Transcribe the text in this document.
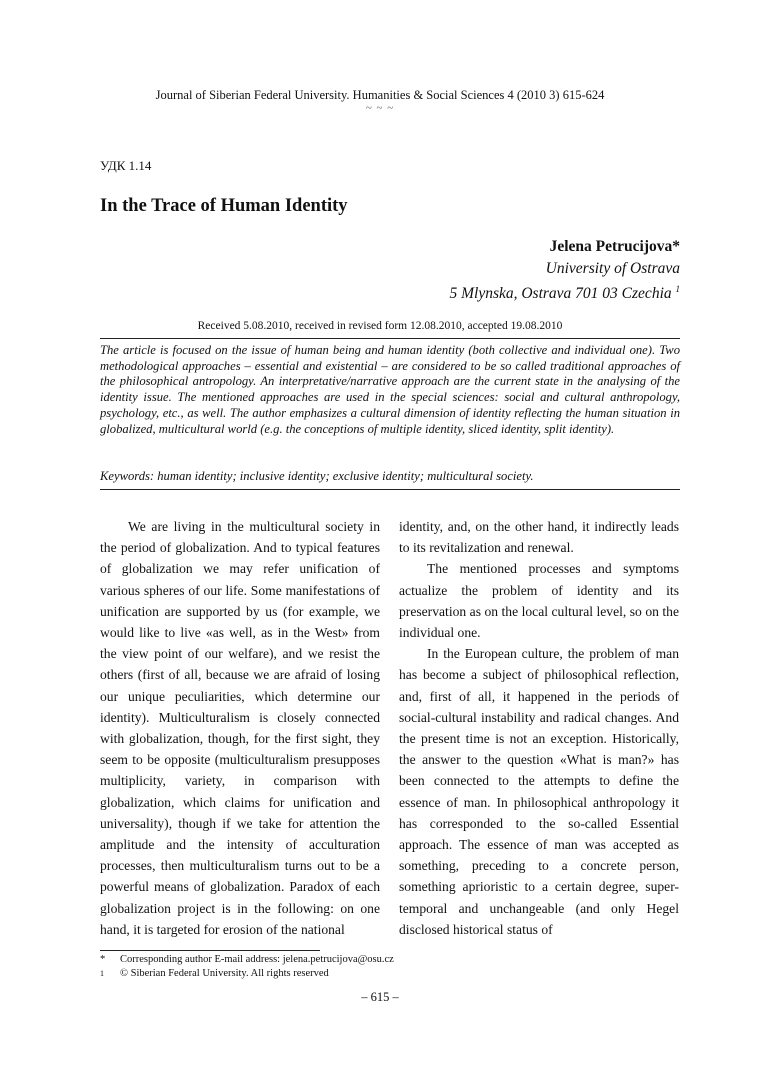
Journal of Siberian Federal University. Humanities & Social Sciences 4 (2010 3) 615-624
~ ~ ~
УДК 1.14
In the Trace of Human Identity
Jelena Petrucijova*
University of Ostrava
5 Mlynska, Ostrava 701 03 Czechia $^1$
Received 5.08.2010, received in revised form 12.08.2010, accepted 19.08.2010
The article is focused on the issue of human being and human identity (both collective and individual one). Two methodological approaches – essential and existential – are considered to be so called traditional approaches of the philosophical antropology. An interpretative/narrative approach are the current state in the analysing of the identity issue. The mentioned approaches are used in the special sciences: social and cultural anthropology, psychology, etc., as well. The author emphasizes a cultural dimension of identity reflecting the human situation in globalized, multicultural world (e.g. the conceptions of multiple identity, sliced identity, split identity).
Keywords: human identity; inclusive identity; exclusive identity; multicultural society.

We are living in the multicultural society in the period of globalization. And to typical features of globalization we may refer unification of various spheres of our life. Some manifestations of unification are supported by us (for example, we would like to live «as well, as in the West» from the view point of our welfare), and we resist the others (first of all, because we are afraid of losing our unique peculiarities, which determine our identity). Multiculturalism is closely connected with globalization, though, for the first sight, they seem to be opposite (multiculturalism presupposes multiplicity, variety, in comparison with globalization, which claims for unification and universality), though if we take for attention the amplitude and the intensity of acculturation processes, then multiculturalism turns out to be a powerful means of globalization. Paradox of each globalization project is in the following: on one hand, it is targeted for erosion of the national

identity, and, on the other hand, it indirectly leads to its revitalization and renewal.

The mentioned processes and symptoms actualize the problem of identity and its preservation as on the local cultural level, so on the individual one.

In the European culture, the problem of man has become a subject of philosophical reflection, and, first of all, it happened in the periods of social-cultural instability and radical changes. And the present time is not an exception. Historically, the answer to the question «What is man?» has been connected to the attempts to define the essence of man. In philosophical anthropology it has corresponded to the so-called Essential approach. The essence of man was accepted as something, preceding to a concrete person, something aprioristic to a certain degree, super-temporal and unchangeable (and only Hegel disclosed historical status of

*	Corresponding author E-mail address: jelena.petrucijova@osu.cz
1	© Siberian Federal University. All rights reserved
– 615 –
